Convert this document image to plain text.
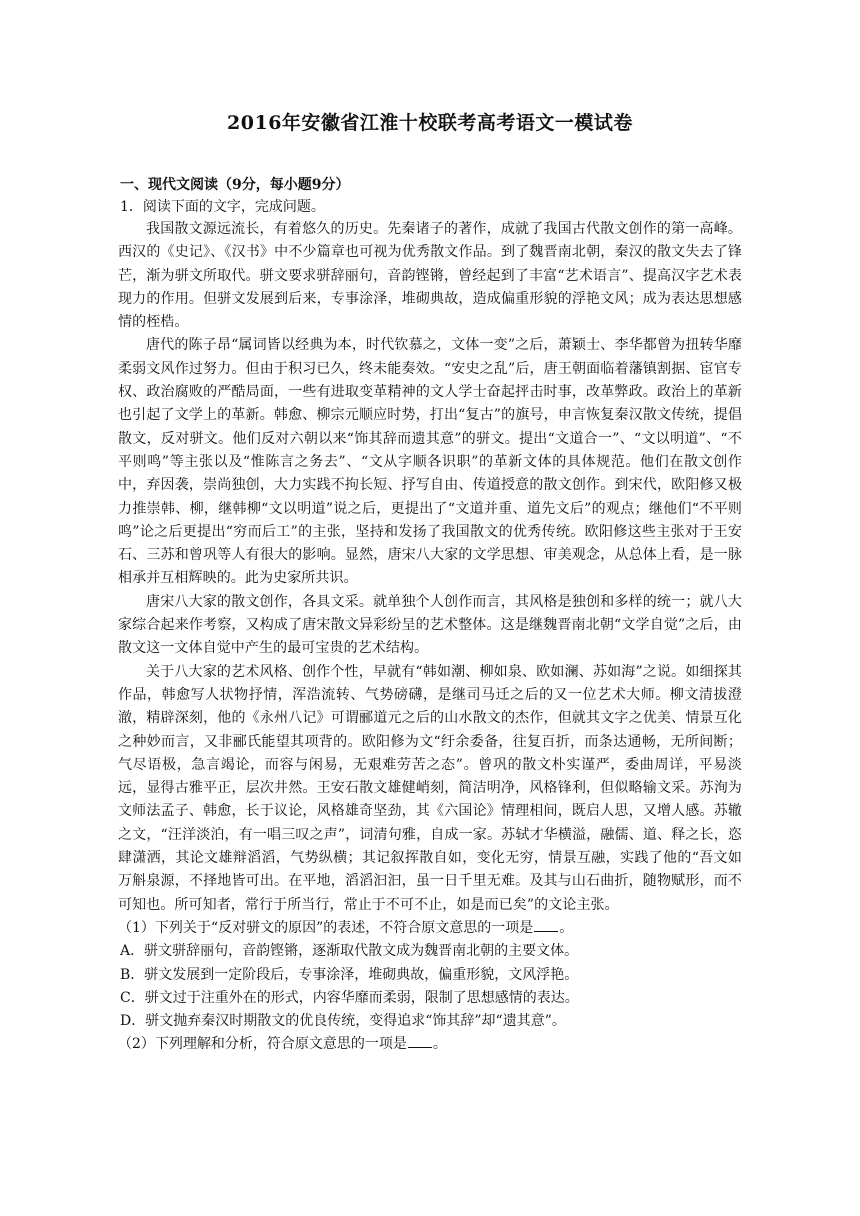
2016年安徽省江淮十校联考高考语文一模试卷

一、现代文阅读（9分，每小题9分）

1．阅读下面的文字，完成问题。

我国散文源远流长，有着悠久的历史。先秦诸子的著作，成就了我国古代散文创作的第一高峰。西汉的《史记》、《汉书》中不少篇章也可视为优秀散文作品。到了魏晋南北朝，秦汉的散文失去了锋芒，渐为骈文所取代。骈文要求骈辞丽句，音韵铿锵，曾经起到了丰富“艺术语言”、提高汉字艺术表现力的作用。但骈文发展到后来，专事涂泽，堆砌典故，造成偏重形貌的浮艳文风；成为表达思想感情的桎梏。

唐代的陈子昂“属词皆以经典为本，时代钦慕之，文体一变”之后，萧颖士、李华都曾为扭转华靡柔弱文风作过努力。但由于积习已久，终未能奏效。“安史之乱”后，唐王朝面临着藩镇割据、宦官专权、政治腐败的严酷局面，一些有进取变革精神的文人学士奋起抨击时事，改革弊政。政治上的革新也引起了文学上的革新。韩愈、柳宗元顺应时势，打出“复古”的旗号，申言恢复秦汉散文传统，提倡散文，反对骈文。他们反对六朝以来“饰其辞而遗其意”的骈文。提出“文道合一”、“文以明道”、“不平则鸣”等主张以及“惟陈言之务去”、“文从字顺各识职”的革新文体的具体规范。他们在散文创作中，弃因袭，崇尚独创，大力实践不拘长短、抒写自由、传道授意的散文创作。到宋代，欧阳修又极力推崇韩、柳，继韩柳“文以明道”说之后，更提出了“文道并重、道先文后”的观点；继他们“不平则鸣”论之后更提出“穷而后工”的主张，坚持和发扬了我国散文的优秀传统。欧阳修这些主张对于王安石、三苏和曾巩等人有很大的影响。显然，唐宋八大家的文学思想、审美观念，从总体上看，是一脉相承并互相辉映的。此为史家所共识。

唐宋八大家的散文创作，各具文采。就单独个人创作而言，其风格是独创和多样的统一；就八大家综合起来作考察，又构成了唐宋散文异彩纷呈的艺术整体。这是继魏晋南北朝“文学自觉”之后，由散文这一文体自觉中产生的最可宝贵的艺术结构。

关于八大家的艺术风格、创作个性，早就有“韩如潮、柳如泉、欧如澜、苏如海”之说。如细探其作品，韩愈写人状物抒情，浑浩流转、气势磅礴，是继司马迁之后的又一位艺术大师。柳文清拔澄澈，精辟深刻，他的《永州八记》可谓郦道元之后的山水散文的杰作，但就其文字之优美、情景互化之种妙而言，又非郦氏能望其项背的。欧阳修为文“纡余委备，往复百折，而条达通畅，无所间断；气尽语极，急言竭论，而容与闲易，无艰难劳苦之态”。曾巩的散文朴实谨严，委曲周详，平易淡远，显得古雅平正，层次井然。王安石散文雄健峭刻，简洁明净，风格锋利，但似略输文采。苏洵为文师法孟子、韩愈，长于议论，风格雄奇坚劲，其《六国论》情理相间，既启人思，又增人感。苏辙之文，“汪洋淡泊，有一唱三叹之声”，词清句雅，自成一家。苏轼才华横溢，融儒、道、释之长，恣肆潇洒，其论文雄辩滔滔，气势纵横；其记叙挥散自如，变化无穷，情景互融，实践了他的“吾文如万斛泉源，不择地皆可出。在平地，滔滔汩汩，虽一日千里无难。及其与山石曲折，随物赋形，而不可知也。所可知者，常行于所当行，常止于不可不止，如是而已矣”的文论主张。

（1）下列关于“反对骈文的原因”的表述，不符合原文意思的一项是 。

A．骈文骈辞丽句，音韵铿锵，逐渐取代散文成为魏晋南北朝的主要文体。

B．骈文发展到一定阶段后，专事涂泽，堆砌典故，偏重形貌，文风浮艳。

C．骈文过于注重外在的形式，内容华靡而柔弱，限制了思想感情的表达。

D．骈文抛弃秦汉时期散文的优良传统，变得追求“饰其辞”却“遗其意”。

（2）下列理解和分析，符合原文意思的一项是 。
